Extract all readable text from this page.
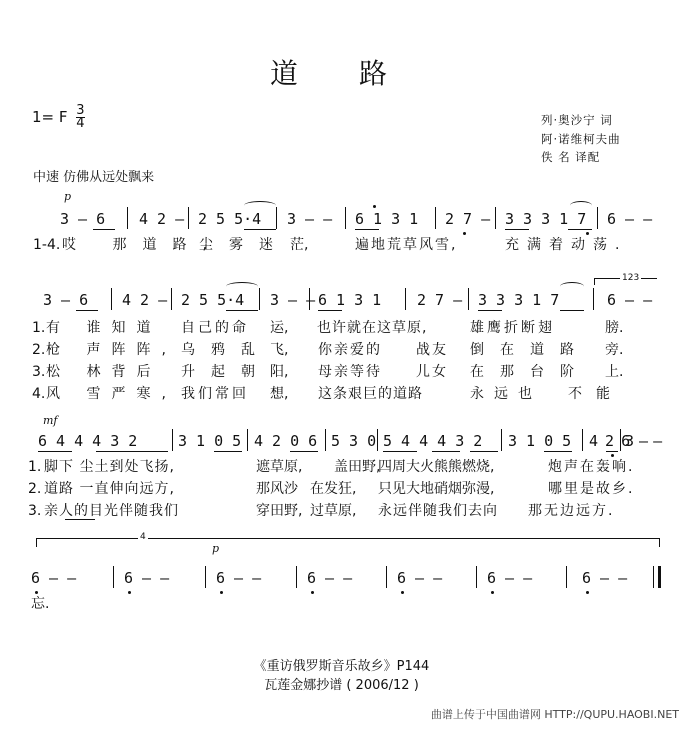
道 路
1= F $\frac{3}{4}$	列·奥沙宁 词
阿·诺维柯夫曲
佚 名 译配
中速 仿佛从远处飘来
p
3 – 6 4 2 – 2 5 5·4 3 – – 6 1 3 1 2 7 – 3 3 3 1 7 6 – –
1-4. 哎 那道路,
尘雾迷 茫,	遍地荒草风雪,	充满着动荡.
123
3 – 6 4 2 – 2 5 5·4 3 – – 6 1 3 1 2 7 – 3 3 3 1 7	6 – –
1. 有 谁知道 自己的命 运, 也许就在这草原,	雄鹰折断翅	膀.
2. 枪 声阵阵, 乌鸦乱 飞, 你亲爱的 战友 倒在道路 旁.
3. 松 林背后 升起朝 阳, 母亲等待 儿女 在那台阶 上.
4. 风 雪严寒, 我们常回 想, 这条艰巨的道路	永远也 不能
mf
6 4 4 4 3 2	3 1 0 5 4 2 0 6 5 3 0 5 4 4 4 3 2 3 1 0 5 4 2 6
3 – –
1. 脚下 尘土到处飞扬,	遮草原, 盖田野,
四周大火熊熊燃烧,	炮声在轰响.
2. 道路 一直伸向远方,	那风沙 在发狂, 只见大地硝烟弥漫,	哪里是故乡.
3. 亲人的目光伴随我们	穿田野, 过草原, 永远伴随我们去向 那无边远方.
4
p
6 – –	6 – –	6 – –	6 – –	6 – –	6 – –	6 – –
忘.
《重访俄罗斯音乐故乡》P144
瓦莲金娜抄谱 ( 2006/12 )
曲谱上传于中国曲谱网 HTTP://QUPU.HAOBI.NET
